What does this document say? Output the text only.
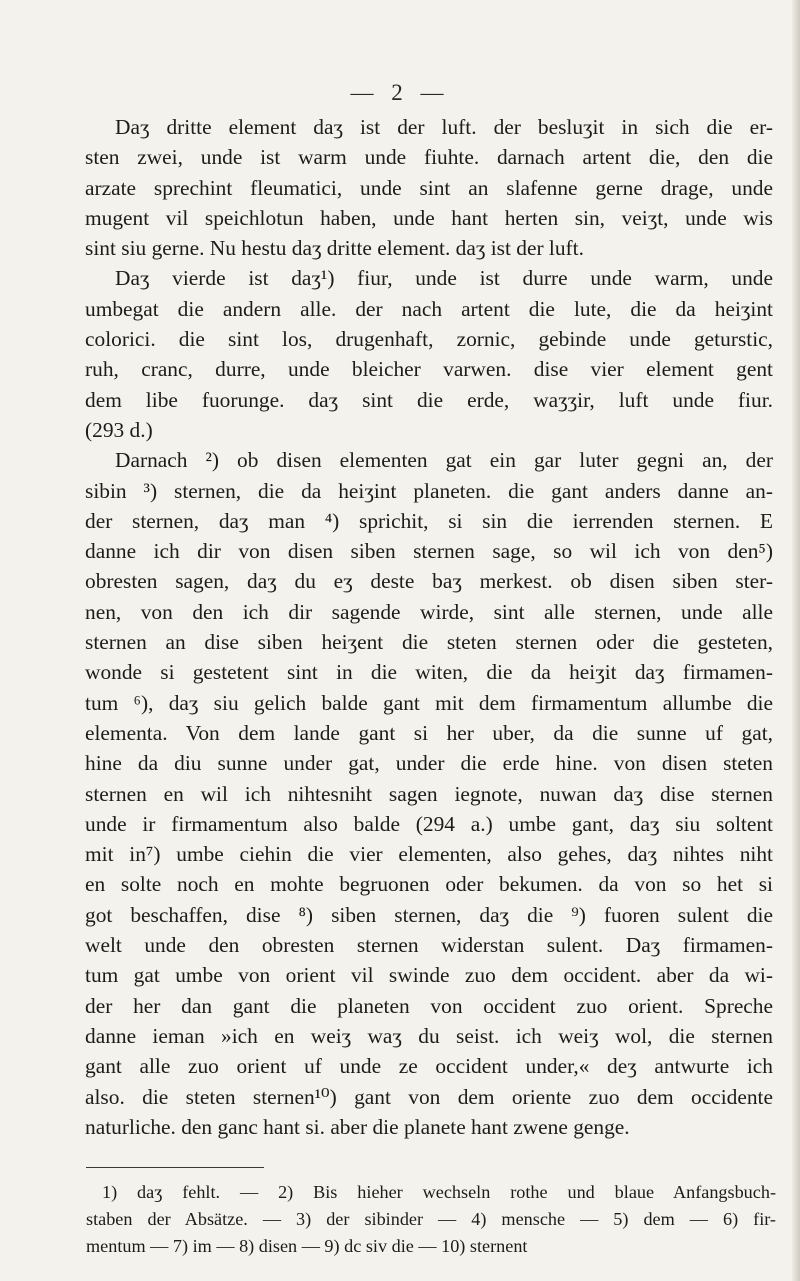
— 2 —
Daʒ dritte element daʒ ist der luft. der besluʒit in sich die er-
sten zwei, unde ist warm unde fiuhte. darnach artent die, den die
arzate sprechint fleumatici, unde sint an slafenne gerne drage, unde
mugent vil speichlotun haben, unde hant herten sin, veiʒt, unde wis
sint siu gerne. Nu hestu daʒ dritte element. daʒ ist der luft.
Daʒ vierde ist daʒ¹) fiur, unde ist durre unde warm, unde
umbegat die andern alle. der nach artent die lute, die da heiʒint
colorici. die sint los, drugenhaft, zornic, gebinde unde geturstic,
ruh, cranc, durre, unde bleicher varwen. dise vier element gent
dem libe fuorunge. daʒ sint die erde, waʒʒir, luft unde fiur.
(293 d.)
Darnach ²) ob disen elementen gat ein gar luter gegni an, der
sibin ³) sternen, die da heiʒint planeten. die gant anders danne an-
der sternen, daʒ man ⁴) sprichit, si sin die ierrenden sternen. E
danne ich dir von disen siben sternen sage, so wil ich von den⁵)
obresten sagen, daʒ du eʒ deste baʒ merkest. ob disen siben ster-
nen, von den ich dir sagende wirde, sint alle sternen, unde alle
sternen an dise siben heiʒent die steten sternen oder die gesteten,
wonde si gestetent sint in die witen, die da heiʒit daʒ firmamen-
tum ⁶), daʒ siu gelich balde gant mit dem firmamentum allumbe die
elementa. Von dem lande gant si her uber, da die sunne uf gat,
hine da diu sunne under gat, under die erde hine. von disen steten
sternen en wil ich nihtesniht sagen iegnote, nuwan daʒ dise sternen
unde ir firmamentum also balde (294 a.) umbe gant, daʒ siu soltent
mit in⁷) umbe ciehin die vier elementen, also gehes, daʒ nihtes niht
en solte noch en mohte begruonen oder bekumen. da von so het si
got beschaffen, dise ⁸) siben sternen, daʒ die ⁹) fuoren sulent die
welt unde den obresten sternen widerstan sulent. Daʒ firmamen-
tum gat umbe von orient vil swinde zuo dem occident. aber da wi-
der her dan gant die planeten von occident zuo orient. Spreche
danne ieman »ich en weiʒ waʒ du seist. ich weiʒ wol, die sternen
gant alle zuo orient uf unde ze occident under,« deʒ antwurte ich
also. die steten sternen¹⁰) gant von dem oriente zuo dem occidente
naturliche. den ganc hant si. aber die planete hant zwene genge.
1) daʒ fehlt. — 2) Bis hieher wechseln rothe und blaue Anfangsbuch-
staben der Absätze. — 3) der sibinder — 4) mensche — 5) dem — 6) fir-
mentum — 7) im — 8) disen — 9) dc siv die — 10) sternent
